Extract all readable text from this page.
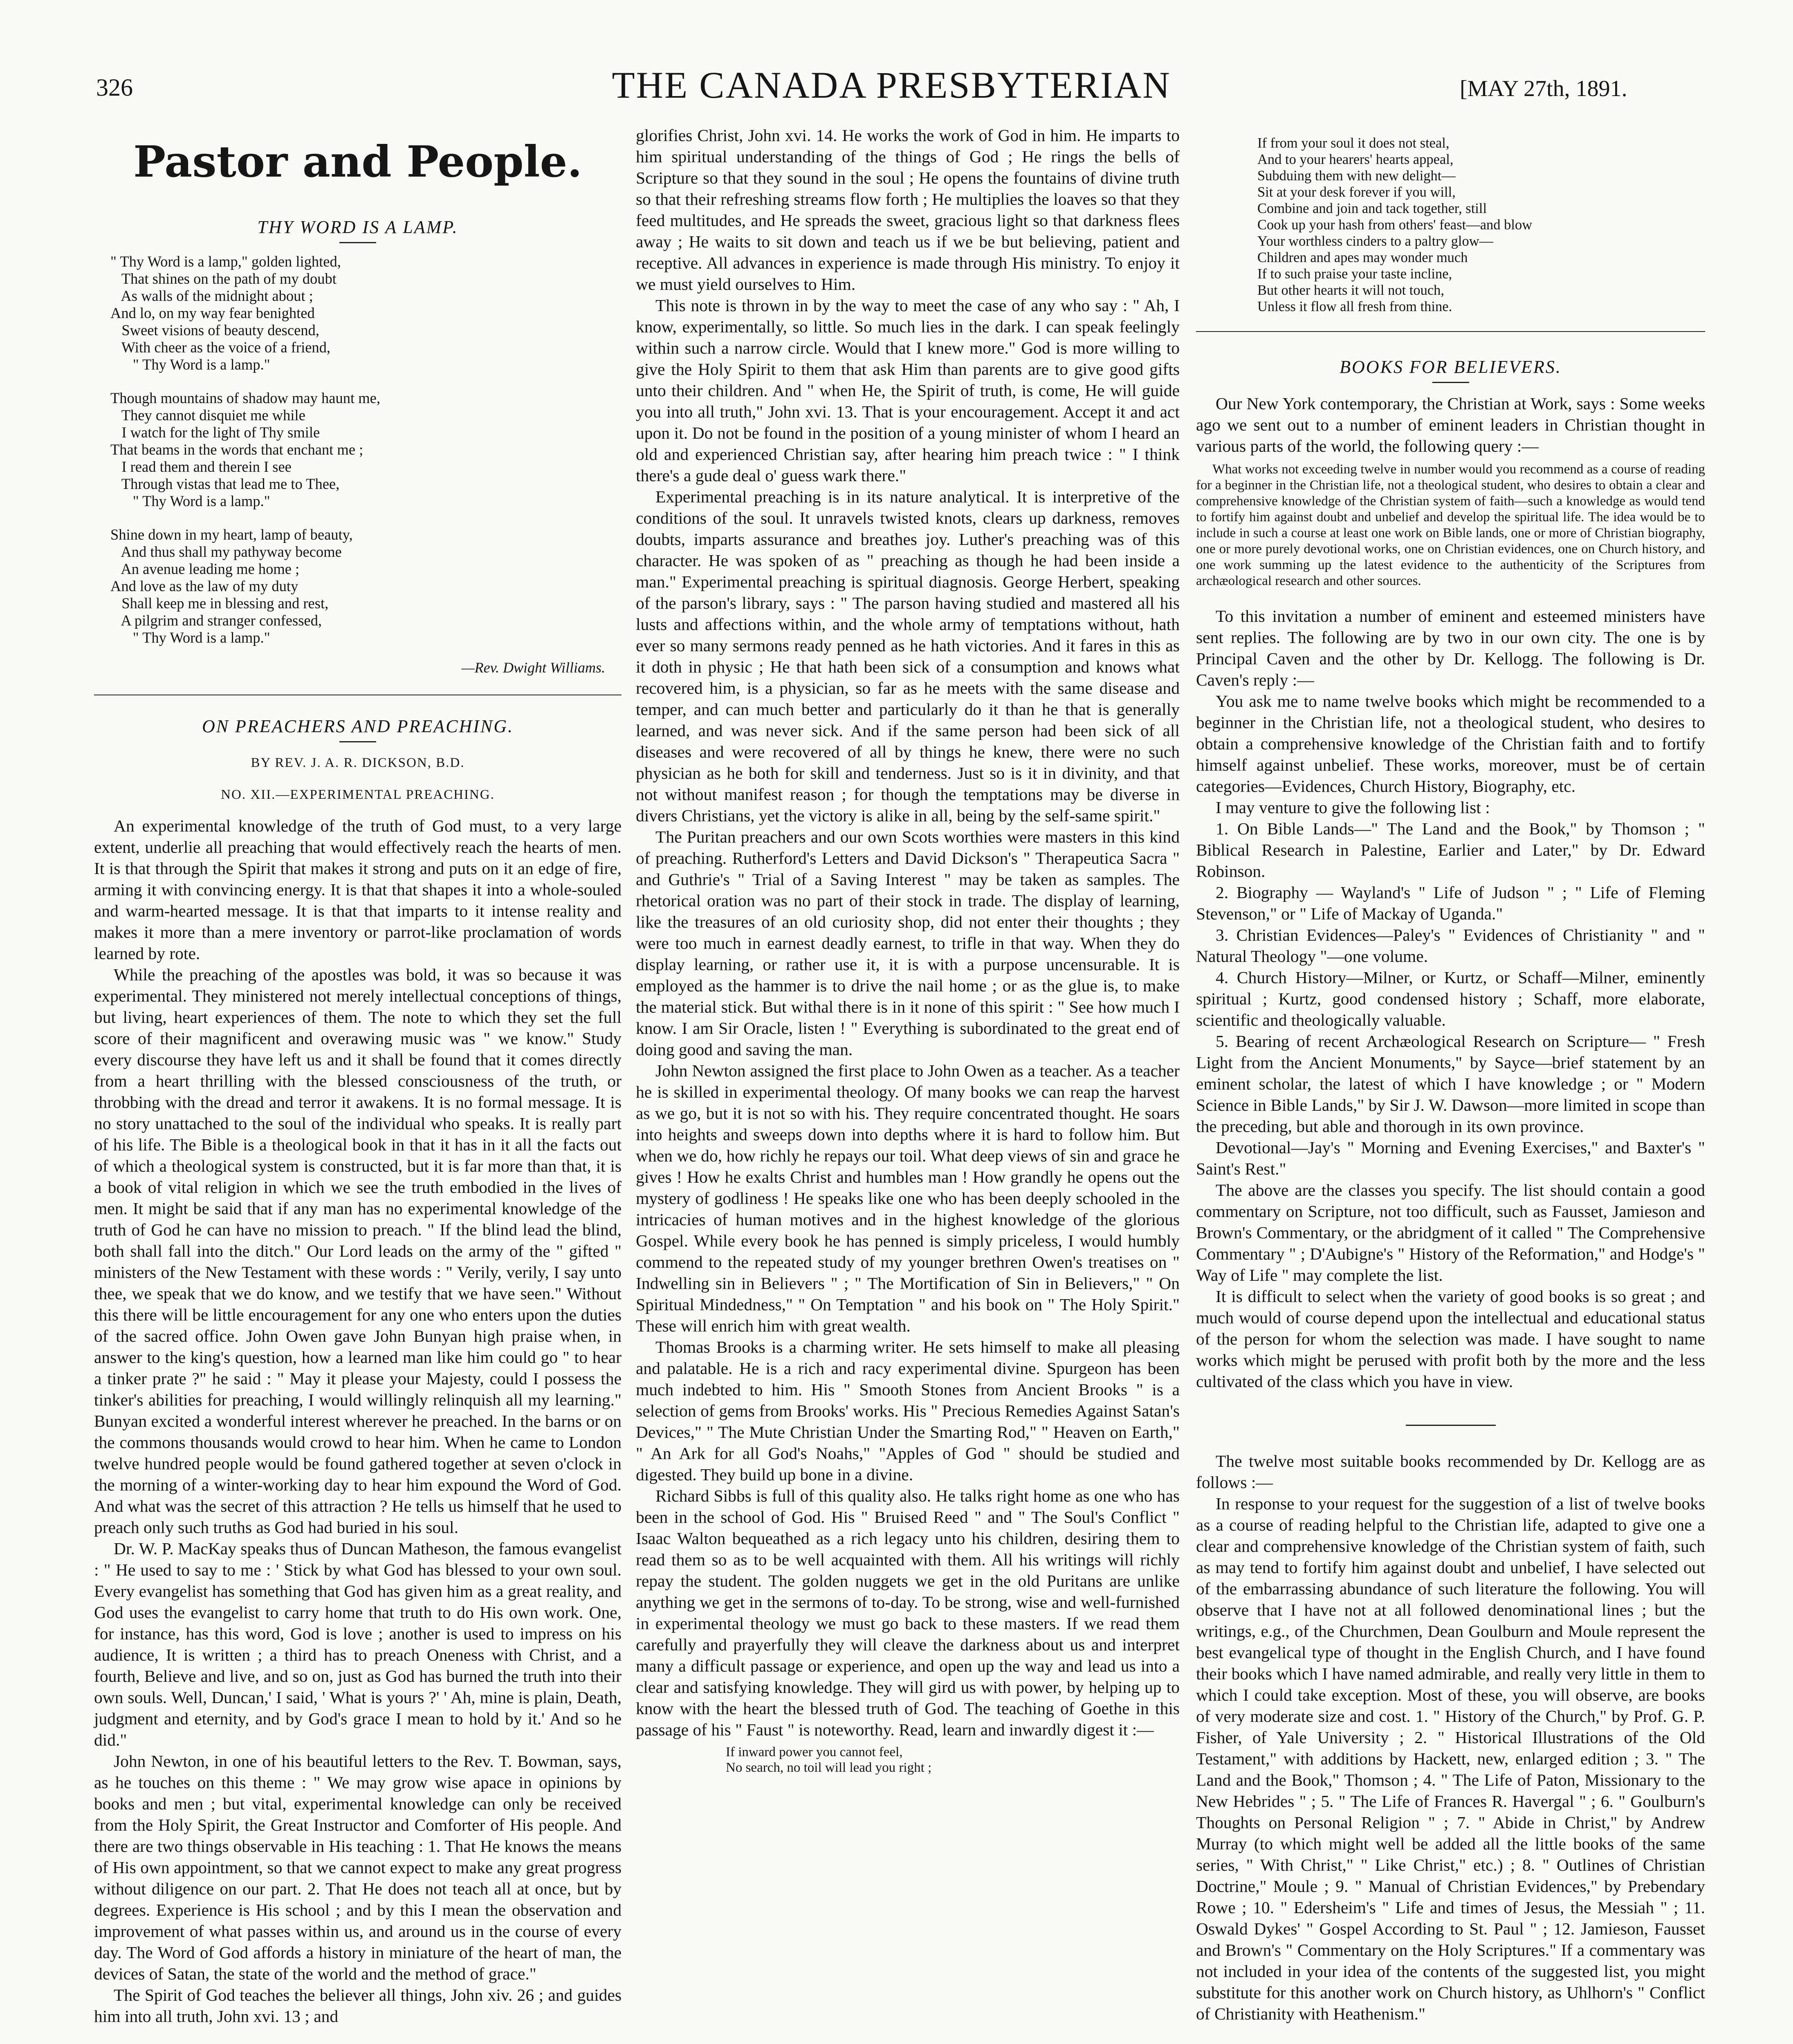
326	THE CANADA PRESBYTERIAN	[MAY 27th, 1891.
Pastor and People.
THY WORD IS A LAMP.
" Thy Word is a lamp," golden lighted,
That shines on the path of my doubt
As walls of the midnight about ;
And lo, on my way fear benighted
Sweet visions of beauty descend,
With cheer as the voice of a friend,
" Thy Word is a lamp."
Though mountains of shadow may haunt me,
They cannot disquiet me while
I watch for the light of Thy smile
That beams in the words that enchant me ;
I read them and therein I see
Through vistas that lead me to Thee,
" Thy Word is a lamp."
Shine down in my heart, lamp of beauty,
And thus shall my pathyway become
An avenue leading me home ;
And love as the law of my duty
Shall keep me in blessing and rest,
A pilgrim and stranger confessed,
" Thy Word is a lamp."
—Rev. Dwight Williams.
ON PREACHERS AND PREACHING.
BY REV. J. A. R. DICKSON, B.D.
NO. XII.—EXPERIMENTAL PREACHING.

An experimental knowledge of the truth of God must, to a very large extent, underlie all preaching that would effectively reach the hearts of men. It is that through the Spirit that makes it strong and puts on it an edge of fire, arming it with convincing energy. It is that that shapes it into a whole-souled and warm-hearted message. It is that that imparts to it intense reality and makes it more than a mere inventory or parrot-like proclamation of words learned by rote.

While the preaching of the apostles was bold, it was so because it was experimental. They ministered not merely intellectual conceptions of things, but living, heart experiences of them. The note to which they set the full score of their magnificent and overawing music was " we know." Study every discourse they have left us and it shall be found that it comes directly from a heart thrilling with the blessed consciousness of the truth, or throbbing with the dread and terror it awakens. It is no formal message. It is no story unattached to the soul of the individual who speaks. It is really part of his life. The Bible is a theological book in that it has in it all the facts out of which a theological system is constructed, but it is far more than that, it is a book of vital religion in which we see the truth embodied in the lives of men. It might be said that if any man has no experimental knowledge of the truth of God he can have no mission to preach. " If the blind lead the blind, both shall fall into the ditch." Our Lord leads on the army of the " gifted " ministers of the New Testament with these words : " Verily, verily, I say unto thee, we speak that we do know, and we testify that we have seen." Without this there will be little encouragement for any one who enters upon the duties of the sacred office. John Owen gave John Bunyan high praise when, in answer to the king's question, how a learned man like him could go " to hear a tinker prate ?" he said : " May it please your Majesty, could I possess the tinker's abilities for preaching, I would willingly relinquish all my learning." Bunyan excited a wonderful interest wherever he preached. In the barns or on the commons thousands would crowd to hear him. When he came to London twelve hundred people would be found gathered together at seven o'clock in the morning of a winter-working day to hear him expound the Word of God. And what was the secret of this attraction ? He tells us himself that he used to preach only such truths as God had buried in his soul.

Dr. W. P. MacKay speaks thus of Duncan Matheson, the famous evangelist : " He used to say to me : ' Stick by what God has blessed to your own soul. Every evangelist has something that God has given him as a great reality, and God uses the evangelist to carry home that truth to do His own work. One, for instance, has this word, God is love ; another is used to impress on his audience, It is written ; a third has to preach Oneness with Christ, and a fourth, Believe and live, and so on, just as God has burned the truth into their own souls. Well, Duncan,' I said, ' What is yours ?' ' Ah, mine is plain, Death, judgment and eternity, and by God's grace I mean to hold by it.' And so he did."

John Newton, in one of his beautiful letters to the Rev. T. Bowman, says, as he touches on this theme : " We may grow wise apace in opinions by books and men ; but vital, experimental knowledge can only be received from the Holy Spirit, the Great Instructor and Comforter of His people. And there are two things observable in His teaching : 1. That He knows the means of His own appointment, so that we cannot expect to make any great progress without diligence on our part. 2. That He does not teach all at once, but by degrees. Experience is His school ; and by this I mean the observation and improvement of what passes within us, and around us in the course of every day. The Word of God affords a history in miniature of the heart of man, the devices of Satan, the state of the world and the method of grace."

The Spirit of God teaches the believer all things, John xiv. 26 ; and guides him into all truth, John xvi. 13 ; and

glorifies Christ, John xvi. 14. He works the work of God in him. He imparts to him spiritual understanding of the things of God ; He rings the bells of Scripture so that they sound in the soul ; He opens the fountains of divine truth so that their refreshing streams flow forth ; He multiplies the loaves so that they feed multitudes, and He spreads the sweet, gracious light so that darkness flees away ; He waits to sit down and teach us if we be but believing, patient and receptive. All advances in experience is made through His ministry. To enjoy it we must yield ourselves to Him.

This note is thrown in by the way to meet the case of any who say : " Ah, I know, experimentally, so little. So much lies in the dark. I can speak feelingly within such a narrow circle. Would that I knew more." God is more willing to give the Holy Spirit to them that ask Him than parents are to give good gifts unto their children. And " when He, the Spirit of truth, is come, He will guide you into all truth," John xvi. 13. That is your encouragement. Accept it and act upon it. Do not be found in the position of a young minister of whom I heard an old and experienced Christian say, after hearing him preach twice : " I think there's a gude deal o' guess wark there."

Experimental preaching is in its nature analytical. It is interpretive of the conditions of the soul. It unravels twisted knots, clears up darkness, removes doubts, imparts assurance and breathes joy. Luther's preaching was of this character. He was spoken of as " preaching as though he had been inside a man." Experimental preaching is spiritual diagnosis. George Herbert, speaking of the parson's library, says : " The parson having studied and mastered all his lusts and affections within, and the whole army of temptations without, hath ever so many sermons ready penned as he hath victories. And it fares in this as it doth in physic ; He that hath been sick of a consumption and knows what recovered him, is a physician, so far as he meets with the same disease and temper, and can much better and particularly do it than he that is generally learned, and was never sick. And if the same person had been sick of all diseases and were recovered of all by things he knew, there were no such physician as he both for skill and tenderness. Just so is it in divinity, and that not without manifest reason ; for though the temptations may be diverse in divers Christians, yet the victory is alike in all, being by the self-same spirit."

The Puritan preachers and our own Scots worthies were masters in this kind of preaching. Rutherford's Letters and David Dickson's " Therapeutica Sacra " and Guthrie's " Trial of a Saving Interest " may be taken as samples. The rhetorical oration was no part of their stock in trade. The display of learning, like the treasures of an old curiosity shop, did not enter their thoughts ; they were too much in earnest deadly earnest, to trifle in that way. When they do display learning, or rather use it, it is with a purpose uncensurable. It is employed as the hammer is to drive the nail home ; or as the glue is, to make the material stick. But withal there is in it none of this spirit : " See how much I know. I am Sir Oracle, listen ! " Everything is subordinated to the great end of doing good and saving the man.

John Newton assigned the first place to John Owen as a teacher. As a teacher he is skilled in experimental theology. Of many books we can reap the harvest as we go, but it is not so with his. They require concentrated thought. He soars into heights and sweeps down into depths where it is hard to follow him. But when we do, how richly he repays our toil. What deep views of sin and grace he gives ! How he exalts Christ and humbles man ! How grandly he opens out the mystery of godliness ! He speaks like one who has been deeply schooled in the intricacies of human motives and in the highest knowledge of the glorious Gospel. While every book he has penned is simply priceless, I would humbly commend to the repeated study of my younger brethren Owen's treatises on " Indwelling sin in Believers " ; " The Mortification of Sin in Believers," " On Spiritual Mindedness," " On Temptation " and his book on " The Holy Spirit." These will enrich him with great wealth.

Thomas Brooks is a charming writer. He sets himself to make all pleasing and palatable. He is a rich and racy experimental divine. Spurgeon has been much indebted to him. His " Smooth Stones from Ancient Brooks " is a selection of gems from Brooks' works. His " Precious Remedies Against Satan's Devices," " The Mute Christian Under the Smarting Rod," " Heaven on Earth," " An Ark for all God's Noahs," "Apples of God " should be studied and digested. They build up bone in a divine.

Richard Sibbs is full of this quality also. He talks right home as one who has been in the school of God. His " Bruised Reed " and " The Soul's Conflict " Isaac Walton bequeathed as a rich legacy unto his children, desiring them to read them so as to be well acquainted with them. All his writings will richly repay the student. The golden nuggets we get in the old Puritans are unlike anything we get in the sermons of to-day. To be strong, wise and well-furnished in experimental theology we must go back to these masters. If we read them carefully and prayerfully they will cleave the darkness about us and interpret many a difficult passage or experience, and open up the way and lead us into a clear and satisfying knowledge. They will gird us with power, by helping up to know with the heart the blessed truth of God. The teaching of Goethe in this passage of his " Faust " is noteworthy. Read, learn and inwardly digest it :—

If inward power you cannot feel,
No search, no toil will lead you right ;
If from your soul it does not steal,
And to your hearers' hearts appeal,
Subduing them with new delight—
Sit at your desk forever if you will,
Combine and join and tack together, still
Cook up your hash from others' feast—and blow
Your worthless cinders to a paltry glow—
Children and apes may wonder much
If to such praise your taste incline,
But other hearts it will not touch,
Unless it flow all fresh from thine.
BOOKS FOR BELIEVERS.

Our New York contemporary, the Christian at Work, says : Some weeks ago we sent out to a number of eminent leaders in Christian thought in various parts of the world, the following query :—

What works not exceeding twelve in number would you recommend as a course of reading for a beginner in the Christian life, not a theological student, who desires to obtain a clear and comprehensive knowledge of the Christian system of faith—such a knowledge as would tend to fortify him against doubt and unbelief and develop the spiritual life. The idea would be to include in such a course at least one work on Bible lands, one or more of Christian biography, one or more purely devotional works, one on Christian evidences, one on Church history, and one work summing up the latest evidence to the authenticity of the Scriptures from archæological research and other sources.

To this invitation a number of eminent and esteemed ministers have sent replies. The following are by two in our own city. The one is by Principal Caven and the other by Dr. Kellogg. The following is Dr. Caven's reply :—

You ask me to name twelve books which might be recommended to a beginner in the Christian life, not a theological student, who desires to obtain a comprehensive knowledge of the Christian faith and to fortify himself against unbelief. These works, moreover, must be of certain categories—Evidences, Church History, Biography, etc.

I may venture to give the following list :

1. On Bible Lands—" The Land and the Book," by Thomson ; " Biblical Research in Palestine, Earlier and Later," by Dr. Edward Robinson.

2. Biography — Wayland's " Life of Judson " ; " Life of Fleming Stevenson," or " Life of Mackay of Uganda."

3. Christian Evidences—Paley's " Evidences of Christianity " and " Natural Theology "—one volume.

4. Church History—Milner, or Kurtz, or Schaff—Milner, eminently spiritual ; Kurtz, good condensed history ; Schaff, more elaborate, scientific and theologically valuable.

5. Bearing of recent Archæological Research on Scripture— " Fresh Light from the Ancient Monuments," by Sayce—brief statement by an eminent scholar, the latest of which I have knowledge ; or " Modern Science in Bible Lands," by Sir J. W. Dawson—more limited in scope than the preceding, but able and thorough in its own province.

Devotional—Jay's " Morning and Evening Exercises," and Baxter's " Saint's Rest."

The above are the classes you specify. The list should contain a good commentary on Scripture, not too difficult, such as Fausset, Jamieson and Brown's Commentary, or the abridgment of it called " The Comprehensive Commentary " ; D'Aubigne's " History of the Reformation," and Hodge's " Way of Life " may complete the list.

It is difficult to select when the variety of good books is so great ; and much would of course depend upon the intellectual and educational status of the person for whom the selection was made. I have sought to name works which might be perused with profit both by the more and the less cultivated of the class which you have in view.

The twelve most suitable books recommended by Dr. Kellogg are as follows :—

In response to your request for the suggestion of a list of twelve books as a course of reading helpful to the Christian life, adapted to give one a clear and comprehensive knowledge of the Christian system of faith, such as may tend to fortify him against doubt and unbelief, I have selected out of the embarrassing abundance of such literature the following. You will observe that I have not at all followed denominational lines ; but the writings, e.g., of the Churchmen, Dean Goulburn and Moule represent the best evangelical type of thought in the English Church, and I have found their books which I have named admirable, and really very little in them to which I could take exception. Most of these, you will observe, are books of very moderate size and cost. 1. " History of the Church," by Prof. G. P. Fisher, of Yale University ; 2. " Historical Illustrations of the Old Testament," with additions by Hackett, new, enlarged edition ; 3. " The Land and the Book," Thomson ; 4. " The Life of Paton, Missionary to the New Hebrides " ; 5. " The Life of Frances R. Havergal " ; 6. " Goulburn's Thoughts on Personal Religion " ; 7. " Abide in Christ," by Andrew Murray (to which might well be added all the little books of the same series, " With Christ," " Like Christ," etc.) ; 8. " Outlines of Christian Doctrine," Moule ; 9. " Manual of Christian Evidences," by Prebendary Rowe ; 10. " Edersheim's " Life and times of Jesus, the Messiah " ; 11. Oswald Dykes' " Gospel According to St. Paul " ; 12. Jamieson, Fausset and Brown's " Commentary on the Holy Scriptures." If a commentary was not included in your idea of the contents of the suggested list, you might substitute for this another work on Church history, as Uhlhorn's " Conflict of Christianity with Heathenism."
